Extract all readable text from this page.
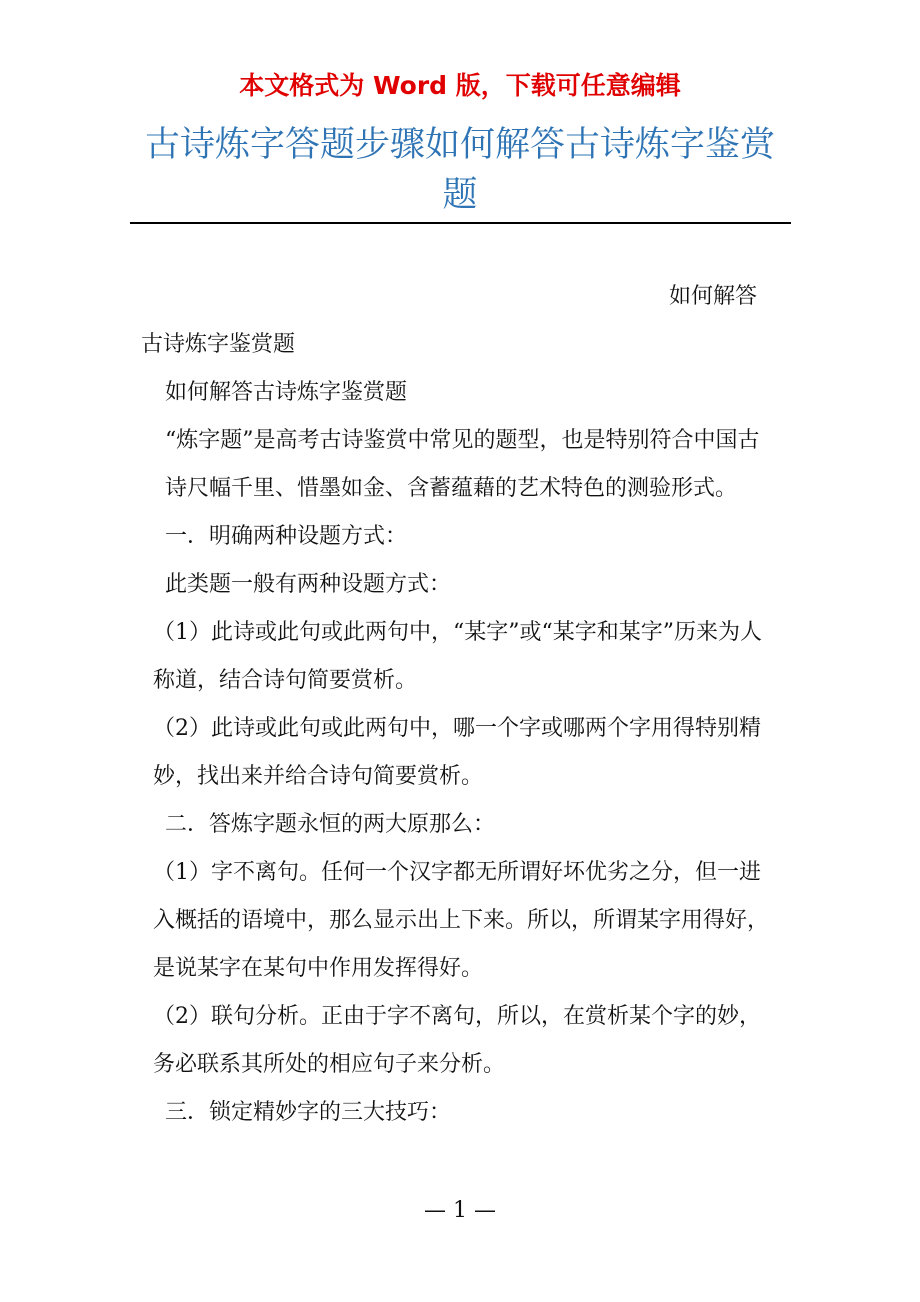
本文格式为 Word 版，下载可任意编辑
古诗炼字答题步骤如何解答古诗炼字鉴赏题

如何解答

古诗炼字鉴赏题

如何解答古诗炼字鉴赏题

“炼字题”是高考古诗鉴赏中常见的题型，也是特别符合中国古诗尺幅千里、惜墨如金、含蓄蕴藉的艺术特色的测验形式。

一．明确两种设题方式：

此类题一般有两种设题方式：

（1）此诗或此句或此两句中，“某字”或“某字和某字”历来为人称道，结合诗句简要赏析。

（2）此诗或此句或此两句中，哪一个字或哪两个字用得特别精妙，找出来并给合诗句简要赏析。

二．答炼字题永恒的两大原那么：

（1）字不离句。任何一个汉字都无所谓好坏优劣之分，但一进入概括的语境中，那么显示出上下来。所以，所谓某字用得好，是说某字在某句中作用发挥得好。

（2）联句分析。正由于字不离句，所以，在赏析某个字的妙，务必联系其所处的相应句子来分析。

三．锁定精妙字的三大技巧：

— 1 —
